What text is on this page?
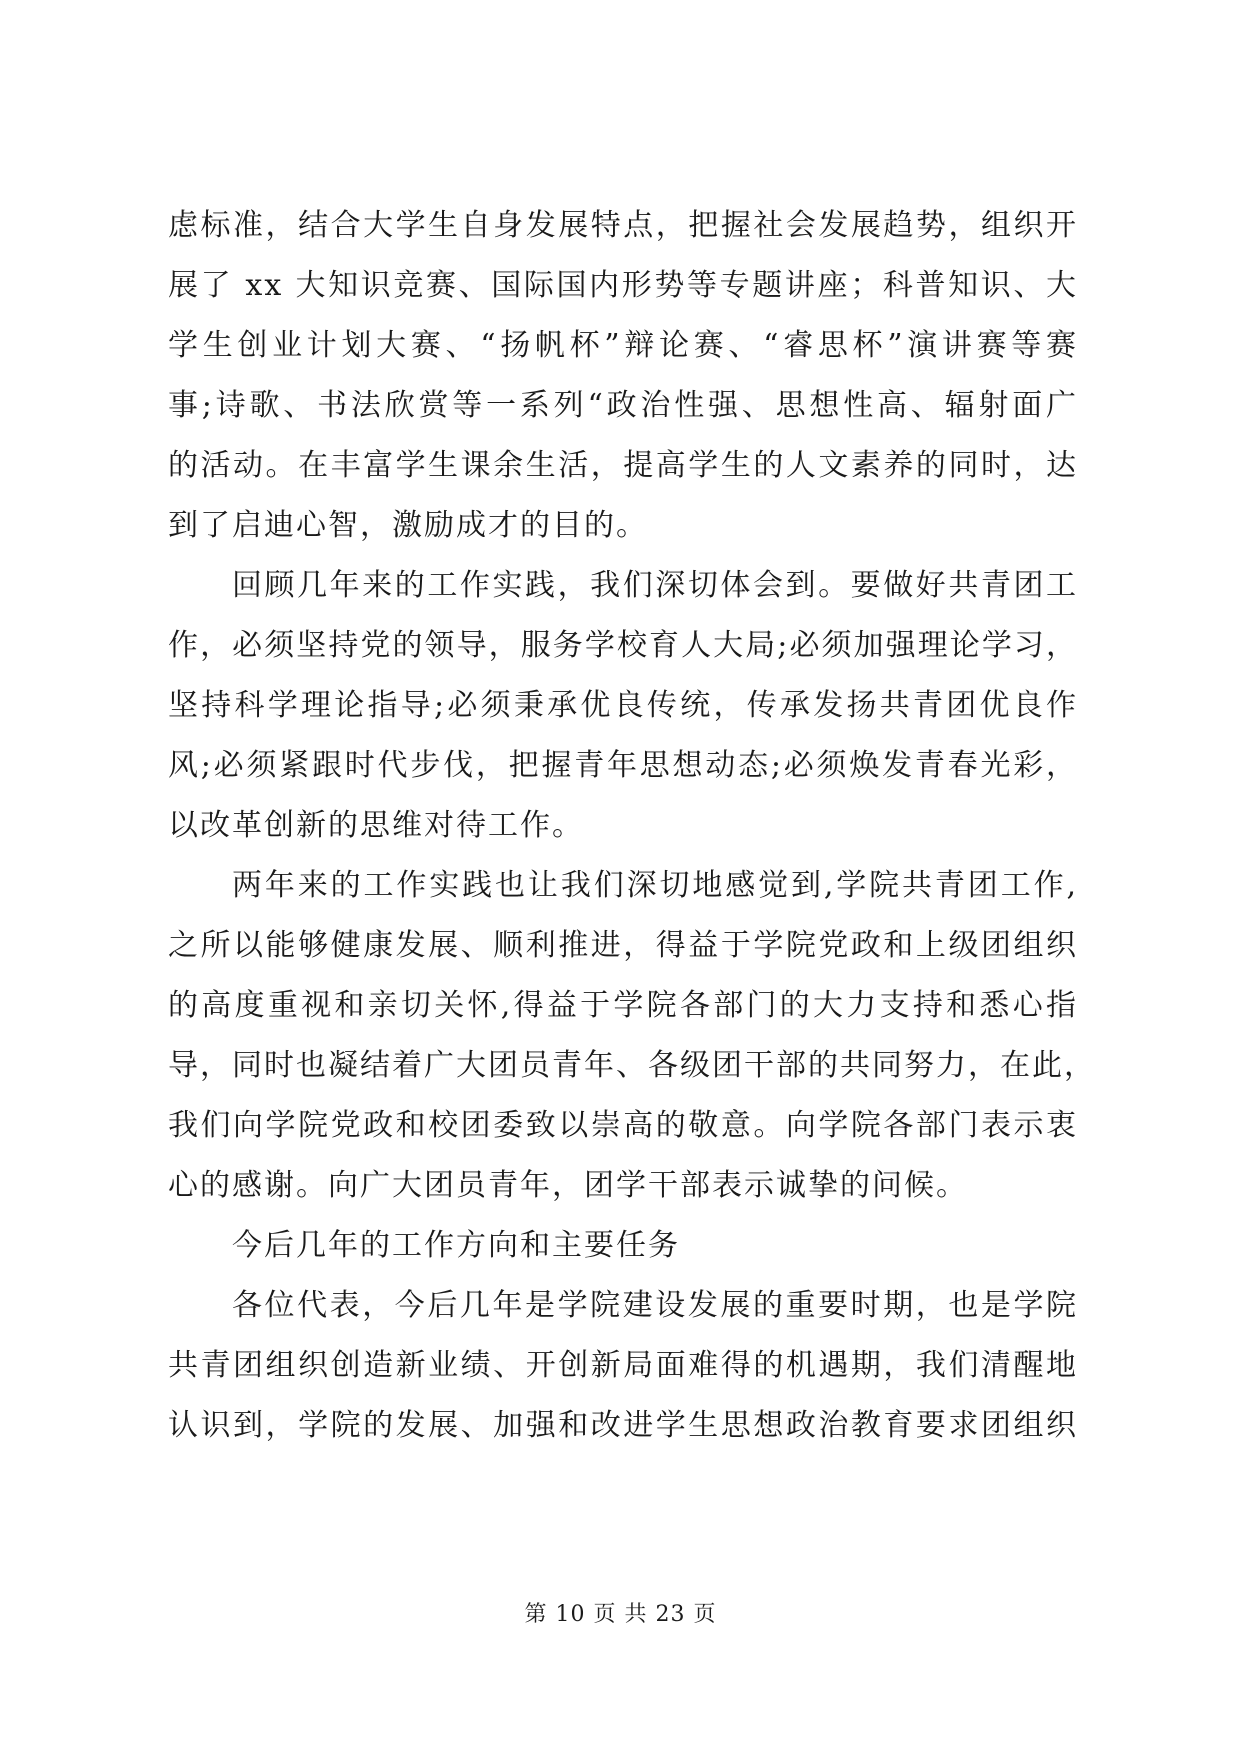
虑标准，结合大学生自身发展特点，把握社会发展趋势，组织开
展了 xx 大知识竞赛、国际国内形势等专题讲座；科普知识、大
学生创业计划大赛、“扬帆杯”辩论赛、“睿思杯”演讲赛等赛
事;诗歌、书法欣赏等一系列“政治性强、思想性高、辐射面广
的活动。在丰富学生课余生活，提高学生的人文素养的同时，达
到了启迪心智，激励成才的目的。
回顾几年来的工作实践，我们深切体会到。要做好共青团工
作，必须坚持党的领导，服务学校育人大局;必须加强理论学习，
坚持科学理论指导;必须秉承优良传统，传承发扬共青团优良作
风;必须紧跟时代步伐，把握青年思想动态;必须焕发青春光彩，
以改革创新的思维对待工作。
两年来的工作实践也让我们深切地感觉到,学院共青团工作,
之所以能够健康发展、顺利推进，得益于学院党政和上级团组织
的高度重视和亲切关怀,得益于学院各部门的大力支持和悉心指
导，同时也凝结着广大团员青年、各级团干部的共同努力，在此，
我们向学院党政和校团委致以崇高的敬意。向学院各部门表示衷
心的感谢。向广大团员青年，团学干部表示诚挚的问候。
今后几年的工作方向和主要任务
各位代表，今后几年是学院建设发展的重要时期，也是学院
共青团组织创造新业绩、开创新局面难得的机遇期，我们清醒地
认识到，学院的发展、加强和改进学生思想政治教育要求团组织
第 10 页 共 23 页
